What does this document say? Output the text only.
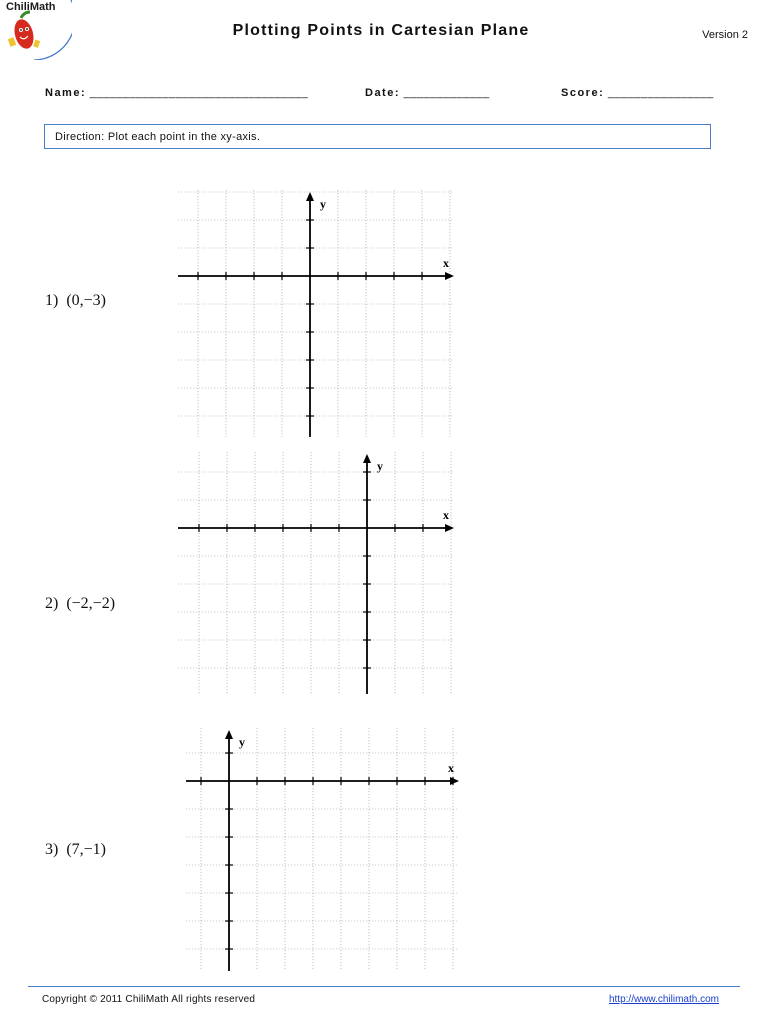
ChiliMath
Plotting Points in Cartesian Plane	Version 2
Name: _________________________________	Date: _____________	Score: ________________
Direction: Plot each point in the xy-axis.
1) (0,−3)
2) (−2,−2)
3) (7,−1)
x
y
x
y
x
y
Copyright © 2011 ChiliMath All rights reserved	http://www.chilimath.com
